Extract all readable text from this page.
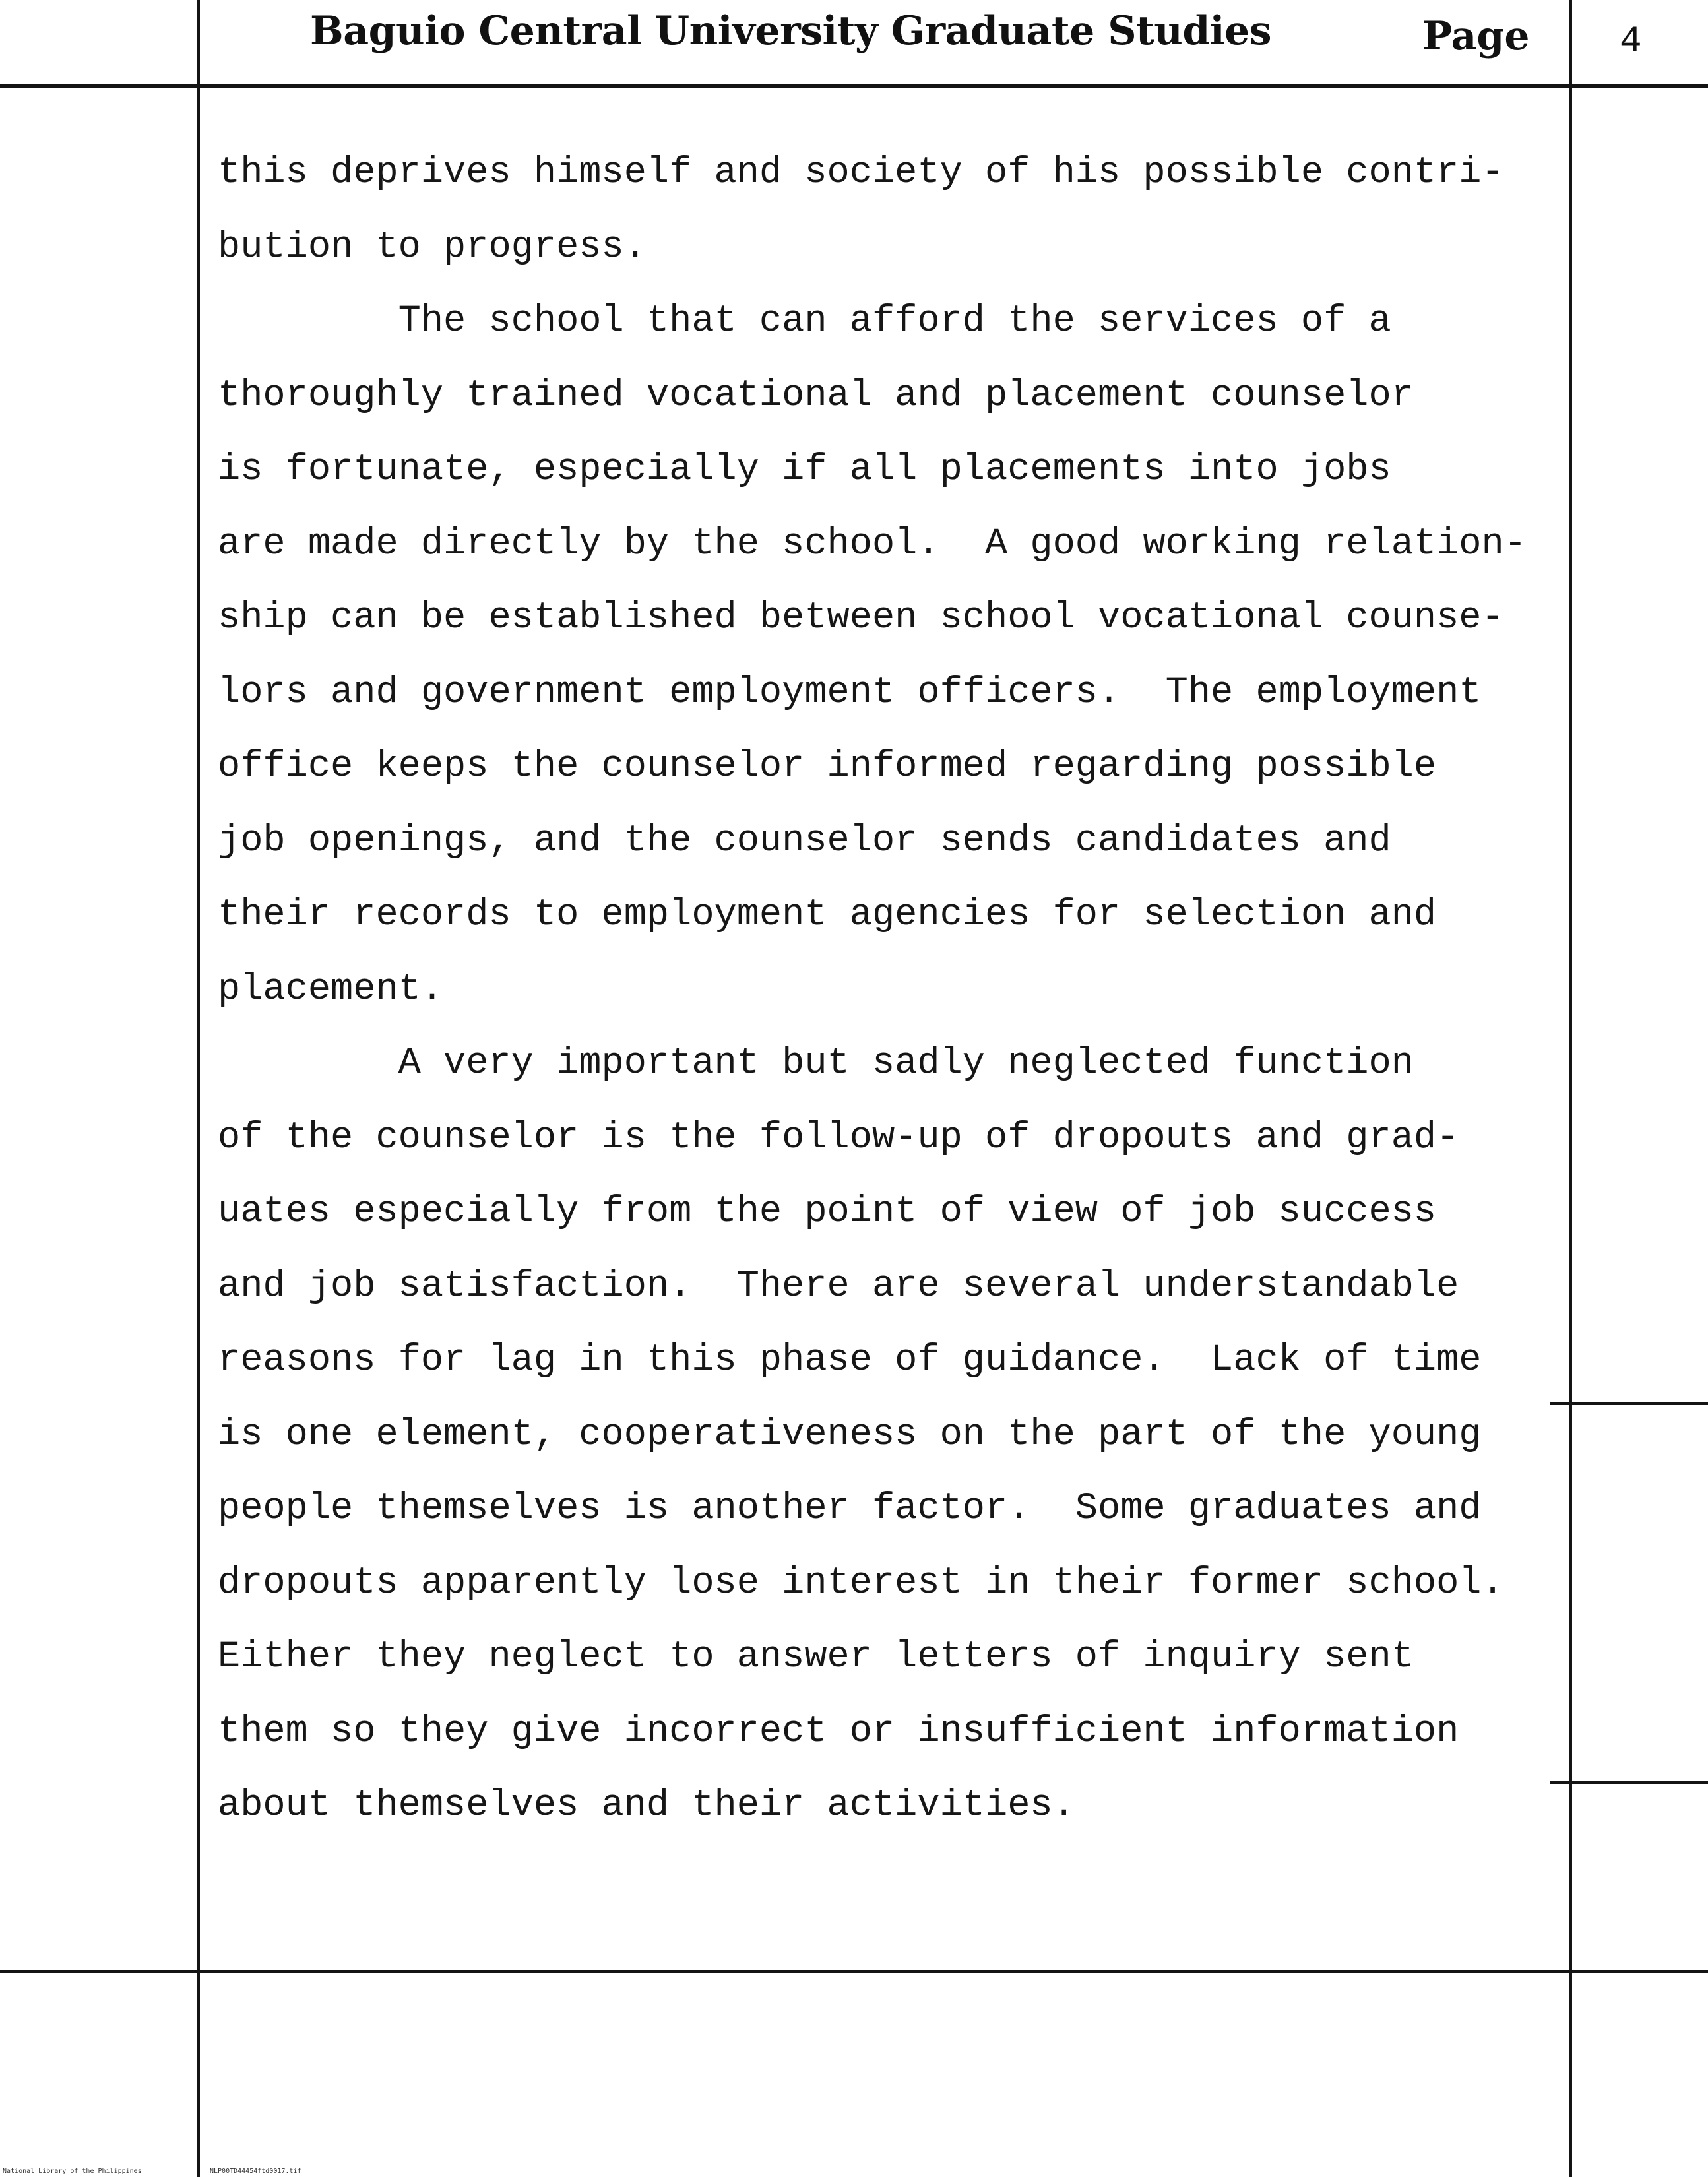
Baguio Central University Graduate Studies	Page 4
this deprives himself and society of his possible contri-
bution to progress.
The school that can afford the services of a
thoroughly trained vocational and placement counselor
is fortunate, especially if all placements into jobs
are made directly by the school.  A good working relation-
ship can be established between school vocational counse-
lors and government employment officers.  The employment
office keeps the counselor informed regarding possible
job openings, and the counselor sends candidates and
their records to employment agencies for selection and
placement.
A very important but sadly neglected function
of the counselor is the follow-up of dropouts and grad-
uates especially from the point of view of job success
and job satisfaction.  There are several understandable
reasons for lag in this phase of guidance.  Lack of time
is one element, cooperativeness on the part of the young
people themselves is another factor.  Some graduates and
dropouts apparently lose interest in their former school.
Either they neglect to answer letters of inquiry sent
them so they give incorrect or insufficient information
about themselves and their activities.
National Library of the Philippines	NLP00TD44454ftd0017.tif
